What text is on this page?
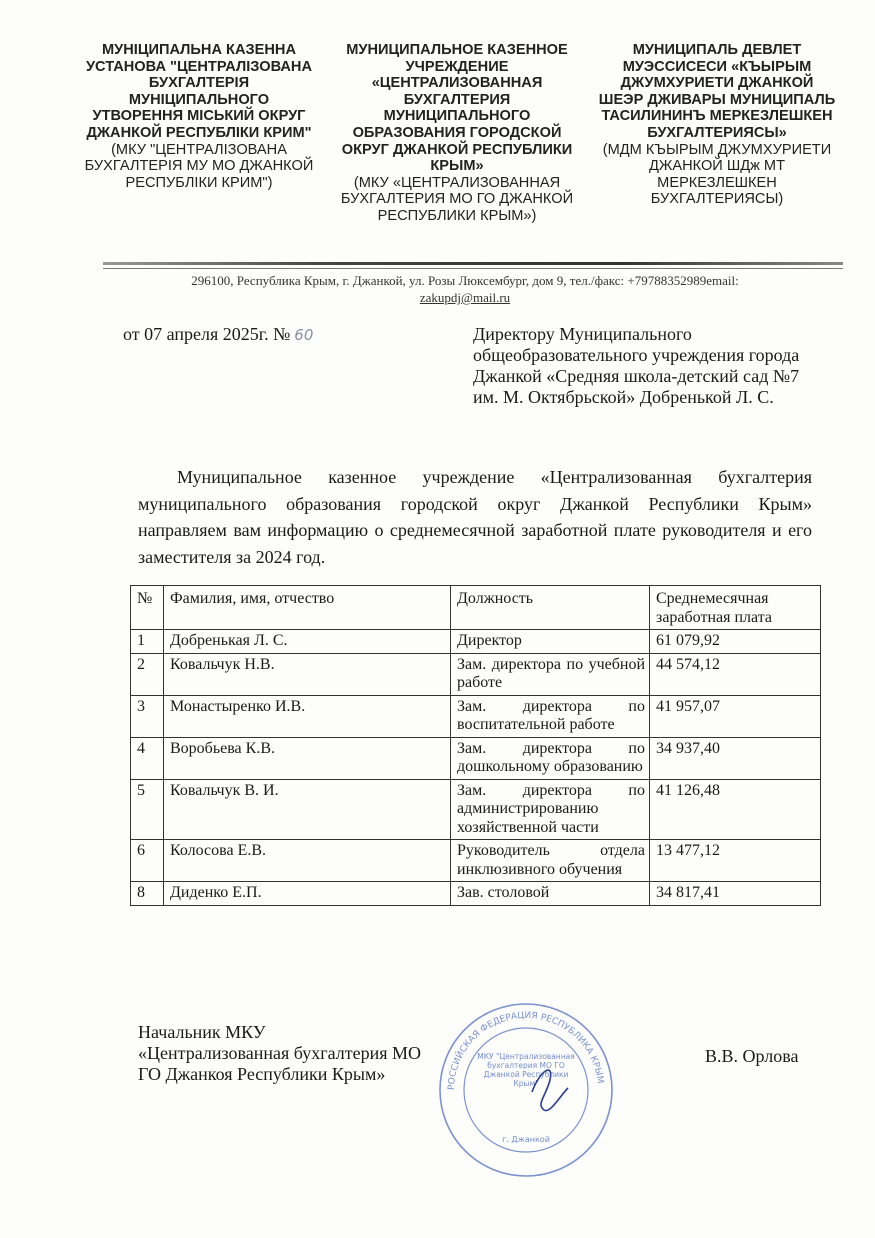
МУНІЦИПАЛЬНА КАЗЕННА УСТАНОВА "ЦЕНТРАЛІЗОВАНА БУХГАЛТЕРІЯ МУНІЦИПАЛЬНОГО УТВОРЕННЯ МІСЬКИЙ ОКРУГ ДЖАНКОЙ РЕСПУБЛІКИ КРИМ"
(МКУ "ЦЕНТРАЛІЗОВАНА БУХГАЛТЕРІЯ МУ МО ДЖАНКОЙ РЕСПУБЛІКИ КРИМ")
МУНИЦИПАЛЬНОЕ КАЗЕННОЕ УЧРЕЖДЕНИЕ «ЦЕНТРАЛИЗОВАННАЯ БУХГАЛТЕРИЯ МУНИЦИПАЛЬНОГО ОБРАЗОВАНИЯ ГОРОДСКОЙ ОКРУГ ДЖАНКОЙ РЕСПУБЛИКИ КРЫМ»
(МКУ «ЦЕНТРАЛИЗОВАННАЯ БУХГАЛТЕРИЯ МО ГО ДЖАНКОЙ РЕСПУБЛИКИ КРЫМ»)
МУНИЦИПАЛЬ ДЕВЛЕТ МУЭССИСЕСИ «КЪЫРЫМ ДЖУМХУРИЕТИ ДЖАНКОЙ ШЕЭР ДЖИВАРЫ МУНИЦИПАЛЬ ТАСИЛИНИНЪ МЕРКЕЗЛЕШКЕН БУХГАЛТЕРИЯСЫ»
(МДМ КЪЫРЫМ ДЖУМХУРИЕТИ ДЖАНКОЙ ШДж МТ МЕРКЕЗЛЕШКЕН БУХГАЛТЕРИЯСЫ)
296100, Республика Крым, г. Джанкой, ул. Розы Люксембург, дом 9, тел./факс: +79788352989email:
zakupdj@mail.ru
от 07 апреля 2025г. № 60	Директору Муниципального общеобразовательного учреждения города Джанкой «Средняя школа-детский сад №7 им. М. Октябрьской» Добренькой Л. С.
Муниципальное казенное учреждение «Централизованная бухгалтерия муниципального образования городской округ Джанкой Республики Крым» направляем вам информацию о среднемесячной заработной плате руководителя и его заместителя за 2024 год.
№	Фамилия, имя, отчество	Должность	Среднемесячная заработная плата
1	Добренькая Л. С.	Директор	61 079,92
2	Ковальчук Н.В.	Зам. директора по учебной работе	44 574,12
3	Монастыренко И.В.	Зам. директора по воспитательной работе	41 957,07
4	Воробьева К.В.	Зам. директора по дошкольному образованию	34 937,40
5	Ковальчук В. И.	Зам. директора по администрированию хозяйственной части	41 126,48
6	Колосова Е.В.	Руководитель отдела инклюзивного обучения	13 477,12
8	Диденко Е.П.	Зав. столовой	34 817,41
Начальник МКУ
«Централизованная бухгалтерия МО
ГО Джанкоя Республики Крым»
В.В. Орлова
РОССИЙСКАЯ ФЕДЕРАЦИЯ РЕСПУБЛИКА КРЫМ
МКУ "Централизованная бухгалтерия МО ГО Джанкой Республики Крым"
г. Джанкой
